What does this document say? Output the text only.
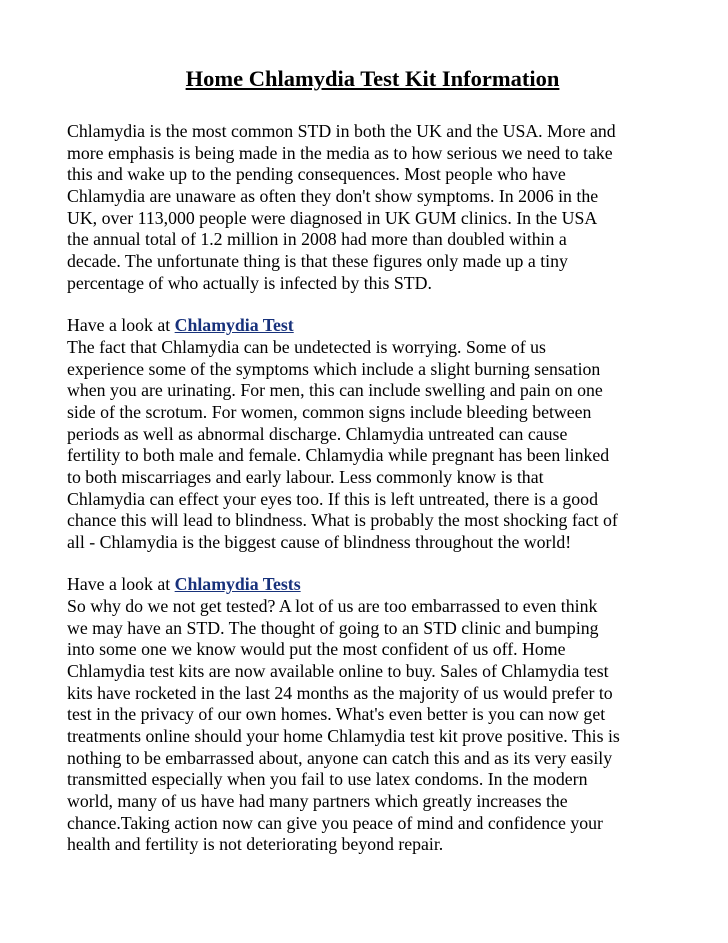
Home Chlamydia Test Kit Information

Chlamydia is the most common STD in both the UK and the USA. More and
more emphasis is being made in the media as to how serious we need to take
this and wake up to the pending consequences. Most people who have
Chlamydia are unaware as often they don't show symptoms. In 2006 in the
UK, over 113,000 people were diagnosed in UK GUM clinics. In the USA
the annual total of 1.2 million in 2008 had more than doubled within a
decade. The unfortunate thing is that these figures only made up a tiny
percentage of who actually is infected by this STD.

Have a look at Chlamydia Test
The fact that Chlamydia can be undetected is worrying. Some of us
experience some of the symptoms which include a slight burning sensation
when you are urinating. For men, this can include swelling and pain on one
side of the scrotum. For women, common signs include bleeding between
periods as well as abnormal discharge. Chlamydia untreated can cause
fertility to both male and female. Chlamydia while pregnant has been linked
to both miscarriages and early labour. Less commonly know is that
Chlamydia can effect your eyes too. If this is left untreated, there is a good
chance this will lead to blindness. What is probably the most shocking fact of
all - Chlamydia is the biggest cause of blindness throughout the world!

Have a look at Chlamydia Tests
So why do we not get tested? A lot of us are too embarrassed to even think
we may have an STD. The thought of going to an STD clinic and bumping
into some one we know would put the most confident of us off. Home
Chlamydia test kits are now available online to buy. Sales of Chlamydia test
kits have rocketed in the last 24 months as the majority of us would prefer to
test in the privacy of our own homes. What's even better is you can now get
treatments online should your home Chlamydia test kit prove positive. This is
nothing to be embarrassed about, anyone can catch this and as its very easily
transmitted especially when you fail to use latex condoms. In the modern
world, many of us have had many partners which greatly increases the
chance.Taking action now can give you peace of mind and confidence your
health and fertility is not deteriorating beyond repair.
